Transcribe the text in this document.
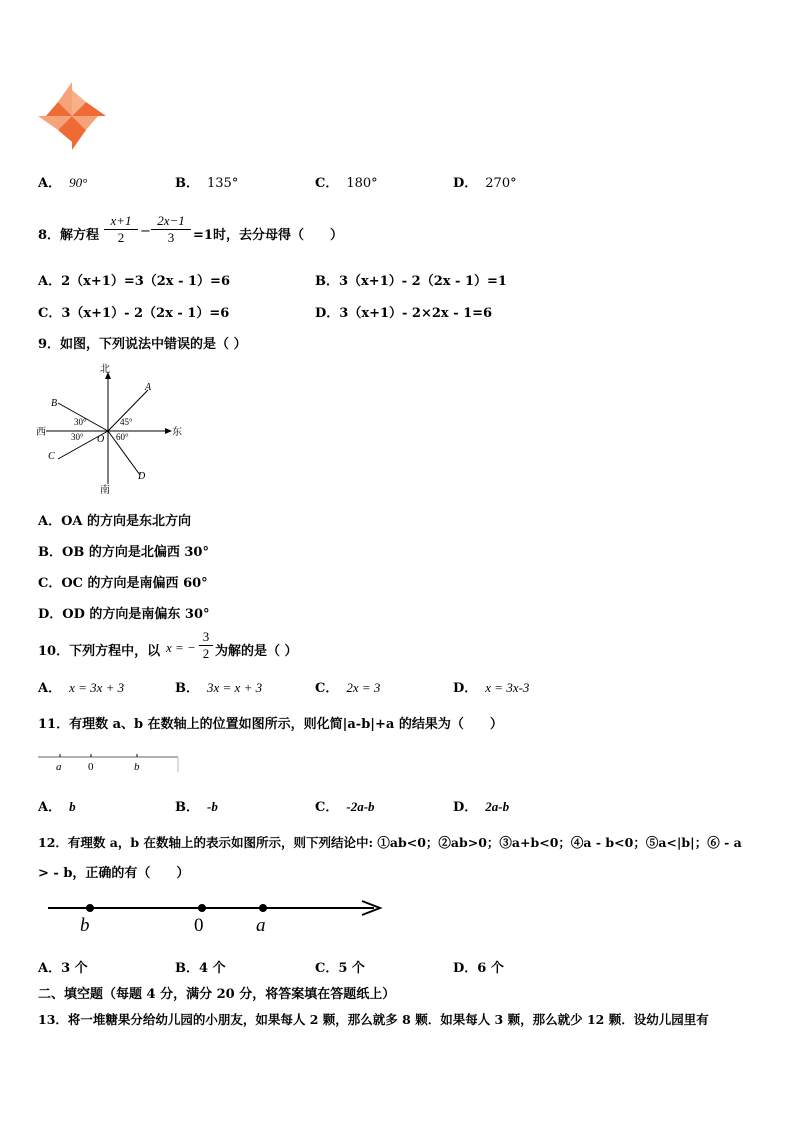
A． 90°	B． 135°	C． 180°	D． 270°
8．解方程 $\frac{x+1}{2} - \frac{2x-1}{3} =1$时，去分母得（　　）
A．2（x+1）=3（2x - 1）=6	B．3（x+1）- 2（2x - 1）=1
C．3（x+1）- 2（2x - 1）=6	D．3（x+1）- 2×2x - 1=6
9．如图，下列说法中错误的是（ ）
北
南
西	东
A
B
C
D
O
30°
30°
45°
60°
A．OA 的方向是东北方向
B．OB 的方向是北偏西 30°
C．OC 的方向是南偏西 60°
D．OD 的方向是南偏东 30°
10．下列方程中，以 x = − $\frac{3}{2}$ 为解的是（ ）
A． x = 3x + 3	B． 3x = x + 3	C． 2x = 3	D． x = 3x-3
11．有理数 a、b 在数轴上的位置如图所示，则化简|a-b|+a 的结果为（　　）
a 0	b
A． b	B． -b	C． -2a-b	D． 2a-b
12．有理数 a，b 在数轴上的表示如图所示，则下列结论中: ①ab<0；②ab>0；③a+b<0；④a - b<0；⑤a<|b|；⑥ - a
> - b，正确的有（　　）
b	0	a
A．3 个	B．4 个	C．5 个	D．6 个
二、填空题（每题 4 分，满分 20 分，将答案填在答题纸上）
13．将一堆糖果分给幼儿园的小朋友，如果每人 2 颗，那么就多 8 颗．如果每人 3 颗，那么就少 12 颗．设幼儿园里有
